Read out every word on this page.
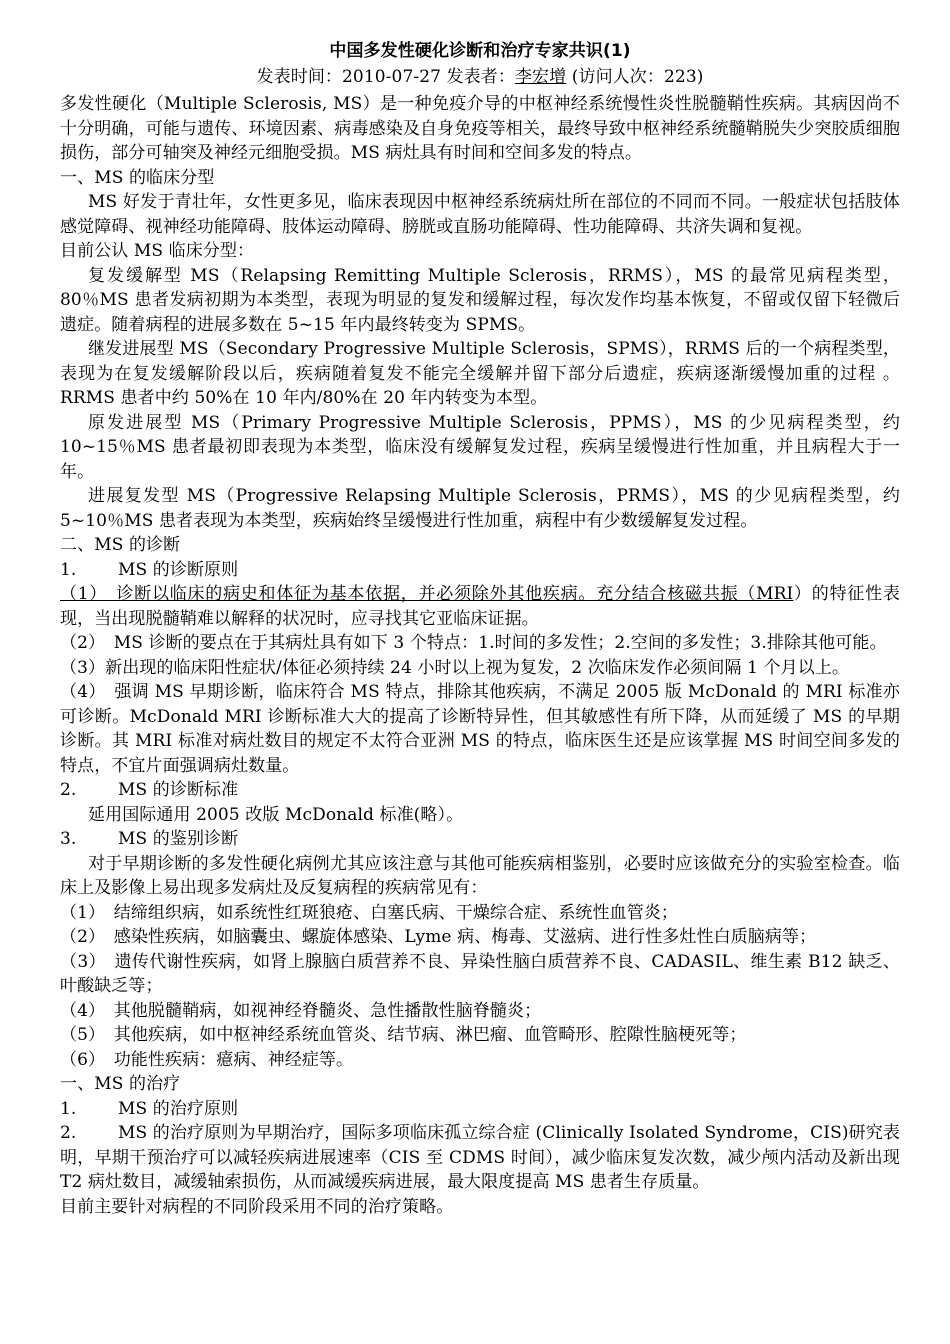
中国多发性硬化诊断和治疗专家共识(1)
发表时间：2010-07-27 发表者：李宏增 (访问人次：223)

多发性硬化（Multiple Sclerosis, MS）是一种免疫介导的中枢神经系统慢性炎性脱髓鞘性疾病。其病因尚不十分明确，可能与遗传、环境因素、病毒感染及自身免疫等相关，最终导致中枢神经系统髓鞘脱失少突胶质细胞损伤，部分可轴突及神经元细胞受损。MS 病灶具有时间和空间多发的特点。

一、MS 的临床分型

MS 好发于青壮年，女性更多见，临床表现因中枢神经系统病灶所在部位的不同而不同。一般症状包括肢体感觉障碍、视神经功能障碍、肢体运动障碍、膀胱或直肠功能障碍、性功能障碍、共济失调和复视。

目前公认 MS 临床分型：

复发缓解型 MS（Relapsing Remitting Multiple Sclerosis，RRMS），MS 的最常见病程类型，80％MS 患者发病初期为本类型，表现为明显的复发和缓解过程，每次发作均基本恢复，不留或仅留下轻微后遗症。随着病程的进展多数在 5~15 年内最终转变为 SPMS。

继发进展型 MS（Secondary Progressive Multiple Sclerosis，SPMS），RRMS 后的一个病程类型，表现为在复发缓解阶段以后，疾病随着复发不能完全缓解并留下部分后遗症，疾病逐渐缓慢加重的过程 。RRMS 患者中约 50%在 10 年内/80%在 20 年内转变为本型。

原发进展型 MS（Primary Progressive Multiple Sclerosis，PPMS），MS 的少见病程类型，约 10~15％MS 患者最初即表现为本类型，临床没有缓解复发过程，疾病呈缓慢进行性加重，并且病程大于一年。

进展复发型 MS（Progressive Relapsing Multiple Sclerosis，PRMS），MS 的少见病程类型，约 5~10％MS 患者表现为本类型，疾病始终呈缓慢进行性加重，病程中有少数缓解复发过程。

二、MS 的诊断

1. MS 的诊断原则

（1）　诊断以临床的病史和体征为基本依据，并必须除外其他疾病。充分结合核磁共振（MRI）的特征性表现，当出现脱髓鞘难以解释的状况时，应寻找其它亚临床证据。

（2）　MS 诊断的要点在于其病灶具有如下 3 个特点：1.时间的多发性；2.空间的多发性；3.排除其他可能。

（3）新出现的临床阳性症状/体征必须持续 24 小时以上视为复发，2 次临床发作必须间隔 1 个月以上。

（4）　强调 MS 早期诊断，临床符合 MS 特点，排除其他疾病，不满足 2005 版 McDonald 的 MRI 标准亦可诊断。McDonald MRI 诊断标准大大的提高了诊断特异性，但其敏感性有所下降，从而延缓了 MS 的早期诊断。其 MRI 标准对病灶数目的规定不太符合亚洲 MS 的特点，临床医生还是应该掌握 MS 时间空间多发的特点，不宜片面强调病灶数量。

2. MS 的诊断标准

延用国际通用 2005 改版 McDonald 标准(略）。

3. MS 的鉴别诊断

对于早期诊断的多发性硬化病例尤其应该注意与其他可能疾病相鉴别，必要时应该做充分的实验室检查。临床上及影像上易出现多发病灶及反复病程的疾病常见有：

（1）　结缔组织病，如系统性红斑狼疮、白塞氏病、干燥综合症、系统性血管炎；

（2）　感染性疾病，如脑囊虫、螺旋体感染、Lyme 病、梅毒、艾滋病、进行性多灶性白质脑病等；

（3）　遗传代谢性疾病，如肾上腺脑白质营养不良、异染性脑白质营养不良、CADASIL、维生素 B12 缺乏、叶酸缺乏等；

（4）　其他脱髓鞘病，如视神经脊髓炎、急性播散性脑脊髓炎；

（5）　其他疾病，如中枢神经系统血管炎、结节病、淋巴瘤、血管畸形、腔隙性脑梗死等；

（6）　功能性疾病：癔病、神经症等。

一、MS 的治疗

1. MS 的治疗原则

2. MS 的治疗原则为早期治疗，国际多项临床孤立综合症 (Clinically Isolated Syndrome，CIS)研究表明，早期干预治疗可以减轻疾病进展速率（CIS 至 CDMS 时间），减少临床复发次数，减少颅内活动及新出现 T2 病灶数目，减缓轴索损伤，从而减缓疾病进展，最大限度提高 MS 患者生存质量。

目前主要针对病程的不同阶段采用不同的治疗策略。
